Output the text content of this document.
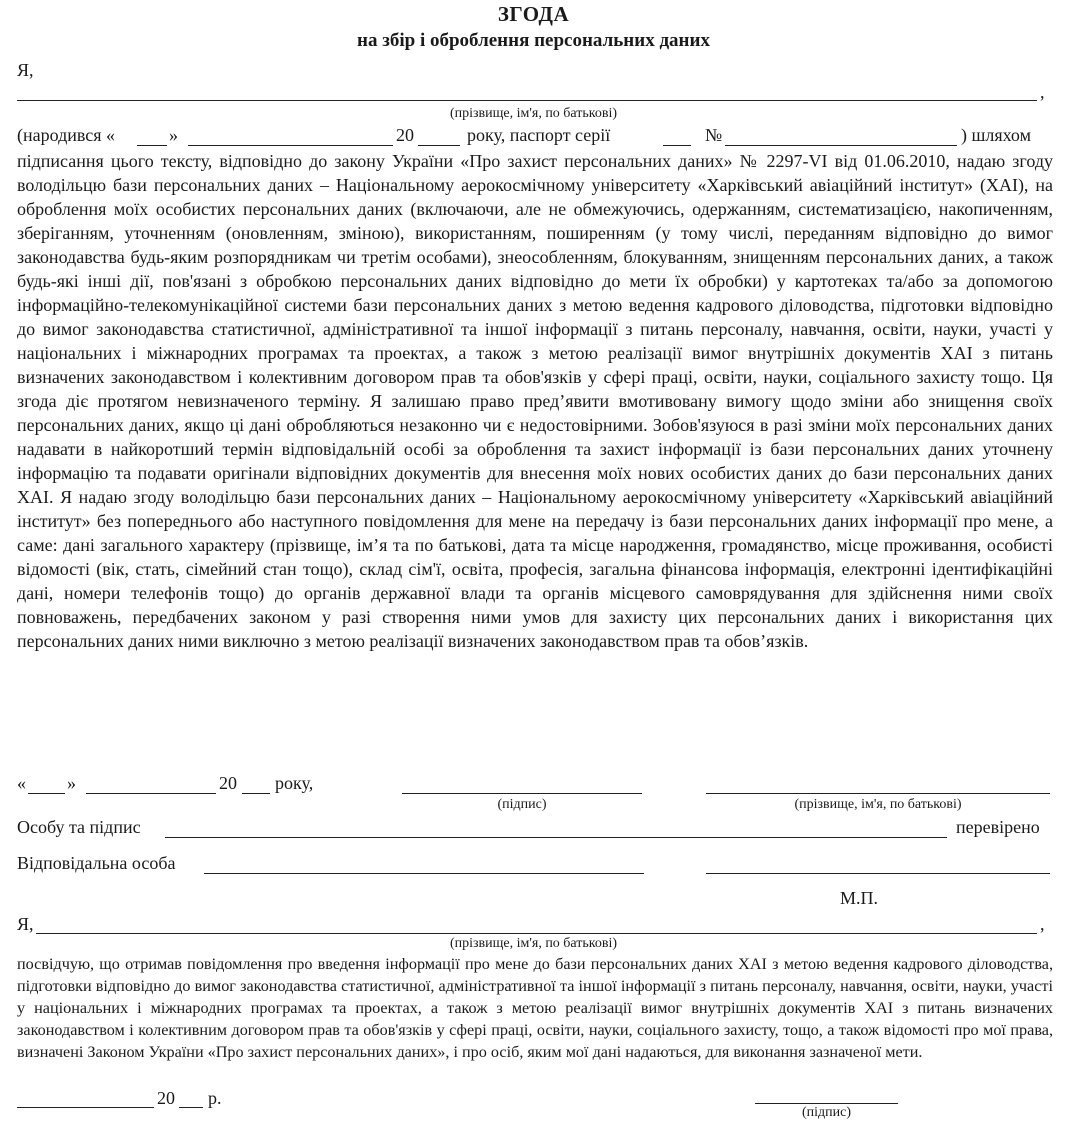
ЗГОДА
на збір і оброблення персональних даних
Я,
,
(прізвище, ім'я, по батькові)
(народився «	»	20	року, паспорт серії	№	) шляхом
підписання цього тексту, відповідно до закону України «Про захист персональних даних» № 2297-VI від 01.06.2010, надаю згоду володільцю бази персональних даних – Національному аерокосмічному університету «Харківський авіаційний інститут» (ХАІ), на оброблення моїх особистих персональних даних (включаючи, але не обмежуючись, одержанням, систематизацією, накопиченням, зберіганням, уточненням (оновленням, зміною), використанням, поширенням (у тому числі, переданням відповідно до вимог законодавства будь-яким розпорядникам чи третім особами), знеособленням, блокуванням, знищенням персональних даних, а також будь-які інші дії, пов'язані з обробкою персональних даних відповідно до мети їх обробки) у картотеках та/або за допомогою інформаційно-телекомунікаційної системи бази персональних даних з метою ведення кадрового діловодства, підготовки відповідно до вимог законодавства статистичної, адміністративної та іншої інформації з питань персоналу, навчання, освіти, науки, участі у національних і міжнародних програмах та проектах, а також з метою реалізації вимог внутрішніх документів ХАІ з питань визначених законодавством і колективним договором прав та обов'язків у сфері праці, освіти, науки, соціального захисту тощо. Ця згода діє протягом невизначеного терміну. Я залишаю право пред’явити вмотивовану вимогу щодо зміни або знищення своїх персональних даних, якщо ці дані обробляються незаконно чи є недостовірними. Зобов'язуюся в разі зміни моїх персональних даних надавати в найкоротший термін відповідальній особі за оброблення та захист інформації із бази персональних даних уточнену інформацію та подавати оригінали відповідних документів для внесення моїх нових особистих даних до бази персональних даних ХАІ. Я надаю згоду володільцю бази персональних даних – Національному аерокосмічному університету «Харківський авіаційний інститут» без попереднього або наступного повідомлення для мене на передачу із бази персональних даних інформації про мене, а саме: дані загального характеру (прізвище, ім’я та по батькові, дата та місце народження, громадянство, місце проживання, особисті відомості (вік, стать, сімейний стан тощо), склад сім'ї, освіта, професія, загальна фінансова інформація, електронні ідентифікаційні дані, номери телефонів тощо) до органів державної влади та органів місцевого самоврядування для здійснення ними своїх повноважень, передбачених законом у разі створення ними умов для захисту цих персональних даних і використання цих персональних даних ними виключно з метою реалізації визначених законодавством прав та обов’язків.
« »	20 року,
(підпис)	(прізвище, ім'я, по батькові)
Особу та підпис	перевірено
Відповідальна особа
М.П.
Я,	,
(прізвище, ім'я, по батькові)
посвідчую, що отримав повідомлення про введення інформації про мене до бази персональних даних ХАІ з метою ведення кадрового діловодства, підготовки відповідно до вимог законодавства статистичної, адміністративної та іншої інформації з питань персоналу, навчання, освіти, науки, участі у національних і міжнародних програмах та проектах, а також з метою реалізації вимог внутрішніх документів ХАІ з питань визначених законодавством і колективним договором прав та обов'язків у сфері праці, освіти, науки, соціального захисту, тощо, а також відомості про мої права, визначені Законом України «Про захист персональних даних», і про осіб, яким мої дані надаються, для виконання зазначеної мети.
20 р.
(підпис)
